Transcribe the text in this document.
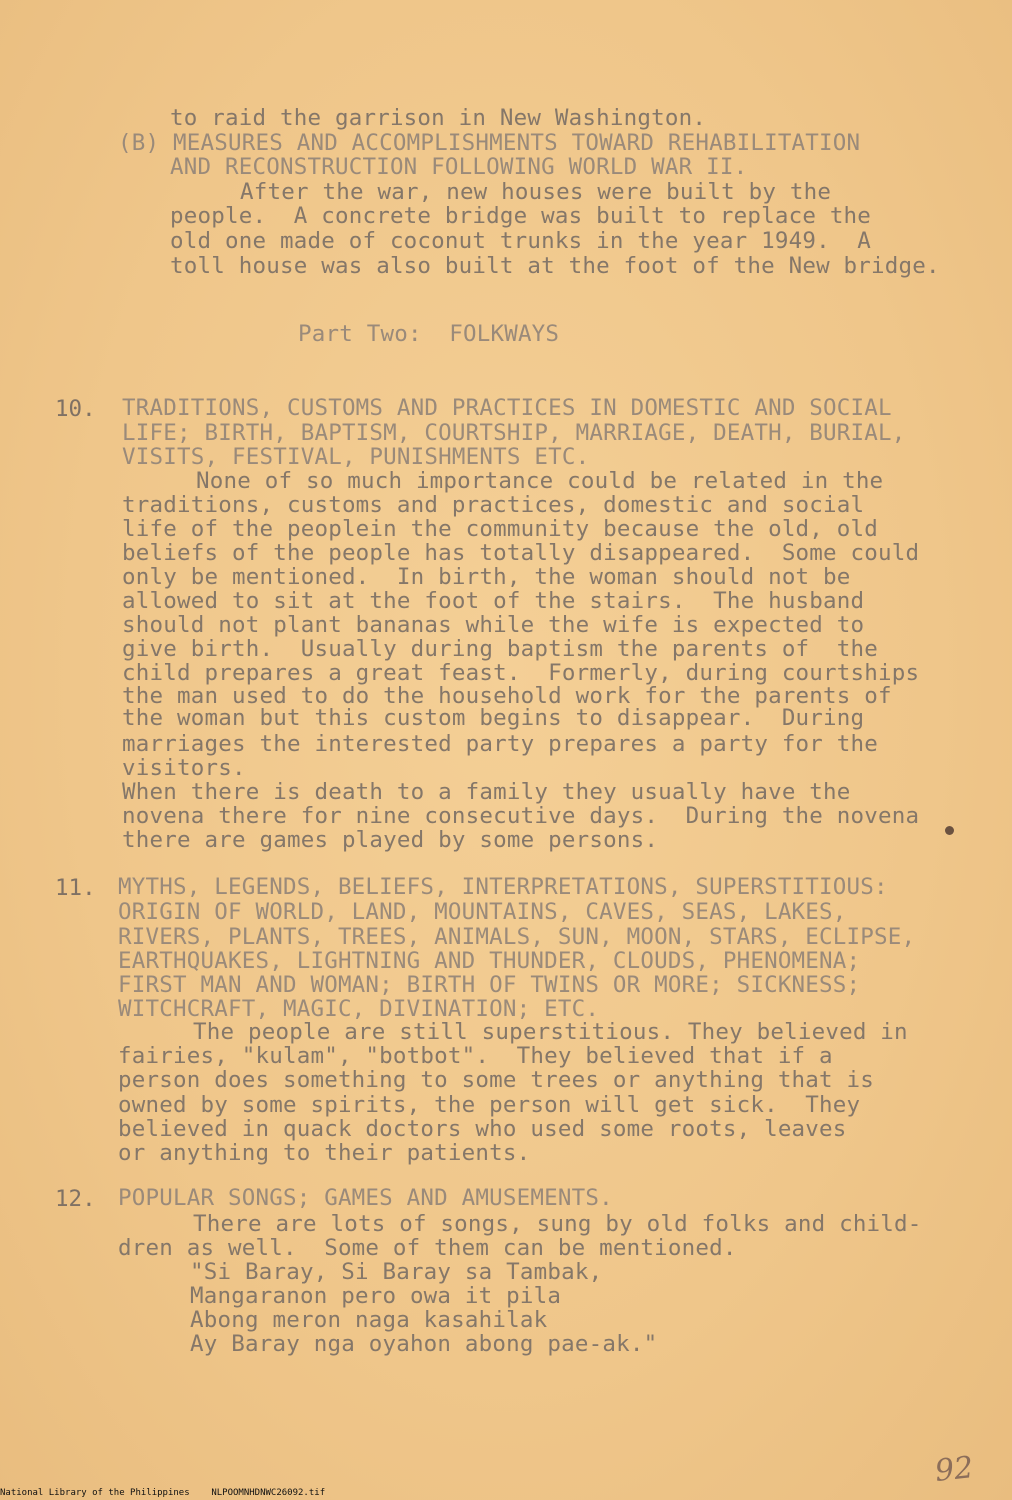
to raid the garrison in New Washington.
(B) MEASURES AND ACCOMPLISHMENTS TOWARD REHABILITATION
AND RECONSTRUCTION FOLLOWING WORLD WAR II.
After the war, new houses were built by the
people.  A concrete bridge was built to replace the
old one made of coconut trunks in the year 1949.  A
toll house was also built at the foot of the New bridge.
Part Two:  FOLKWAYS
10. TRADITIONS, CUSTOMS AND PRACTICES IN DOMESTIC AND SOCIAL
LIFE; BIRTH, BAPTISM, COURTSHIP, MARRIAGE, DEATH, BURIAL,
VISITS, FESTIVAL, PUNISHMENTS ETC.
None of so much importance could be related in the
traditions, customs and practices, domestic and social
life of the peoplein the community because the old, old
beliefs of the people has totally disappeared.  Some could
only be mentioned.  In birth, the woman should not be
allowed to sit at the foot of the stairs.  The husband
should not plant bananas while the wife is expected to
give birth.  Usually during baptism the parents of  the
child prepares a great feast.  Formerly, during courtships
the man used to do the household work for the parents of
the woman but this custom begins to disappear.  During
marriages the interested party prepares a party for the
visitors.
When there is death to a family they usually have the
novena there for nine consecutive days.  During the novena
there are games played by some persons.
11. MYTHS, LEGENDS, BELIEFS, INTERPRETATIONS, SUPERSTITIOUS:
ORIGIN OF WORLD, LAND, MOUNTAINS, CAVES, SEAS, LAKES,
RIVERS, PLANTS, TREES, ANIMALS, SUN, MOON, STARS, ECLIPSE,
EARTHQUAKES, LIGHTNING AND THUNDER, CLOUDS, PHENOMENA;
FIRST MAN AND WOMAN; BIRTH OF TWINS OR MORE; SICKNESS;
WITCHCRAFT, MAGIC, DIVINATION; ETC.
The people are still superstitious. They believed in
fairies, "kulam", "botbot".  They believed that if a
person does something to some trees or anything that is
owned by some spirits, the person will get sick.  They
believed in quack doctors who used some roots, leaves
or anything to their patients.
12. POPULAR SONGS; GAMES AND AMUSEMENTS.
There are lots of songs, sung by old folks and child-
dren as well.  Some of them can be mentioned.
"Si Baray, Si Baray sa Tambak,
Mangaranon pero owa it pila
Abong meron naga kasahilak
Ay Baray nga oyahon abong pae-ak."
92
National Library of the Philippines    NLPOOMNHDNWC26092.tif
